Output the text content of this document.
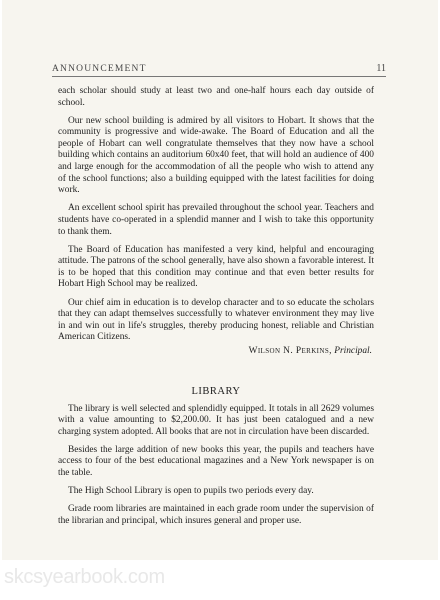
ANNOUNCEMENT	11

each scholar should study at least two and one-half hours each day outside of school.

Our new school building is admired by all visitors to Hobart. It shows that the community is progressive and wide-awake. The Board of Education and all the people of Hobart can well congratulate themselves that they now have a school building which contains an auditorium 60x40 feet, that will hold an audience of 400 and large enough for the accommodation of all the people who wish to attend any of the school functions; also a building equipped with the latest facilities for doing work.

An excellent school spirit has prevailed throughout the school year. Teachers and students have co-operated in a splendid manner and I wish to take this opportunity to thank them.

The Board of Education has manifested a very kind, helpful and encouraging attitude. The patrons of the school generally, have also shown a favorable interest. It is to be hoped that this condition may continue and that even better results for Hobart High School may be realized.

Our chief aim in education is to develop character and to so educate the scholars that they can adapt themselves successfully to whatever environment they may live in and win out in life's struggles, thereby producing honest, reliable and Christian American Citizens.

Wilson N. Perkins, Principal.
LIBRARY

The library is well selected and splendidly equipped. It totals in all 2629 volumes with a value amounting to $2,200.00. It has just been catalogued and a new charging system adopted. All books that are not in circulation have been discarded.

Besides the large addition of new books this year, the pupils and teachers have access to four of the best educational magazines and a New York newspaper is on the table.

The High School Library is open to pupils two periods every day.

Grade room libraries are maintained in each grade room under the supervision of the librarian and principal, which insures general and proper use.

skcsyearbook.com
